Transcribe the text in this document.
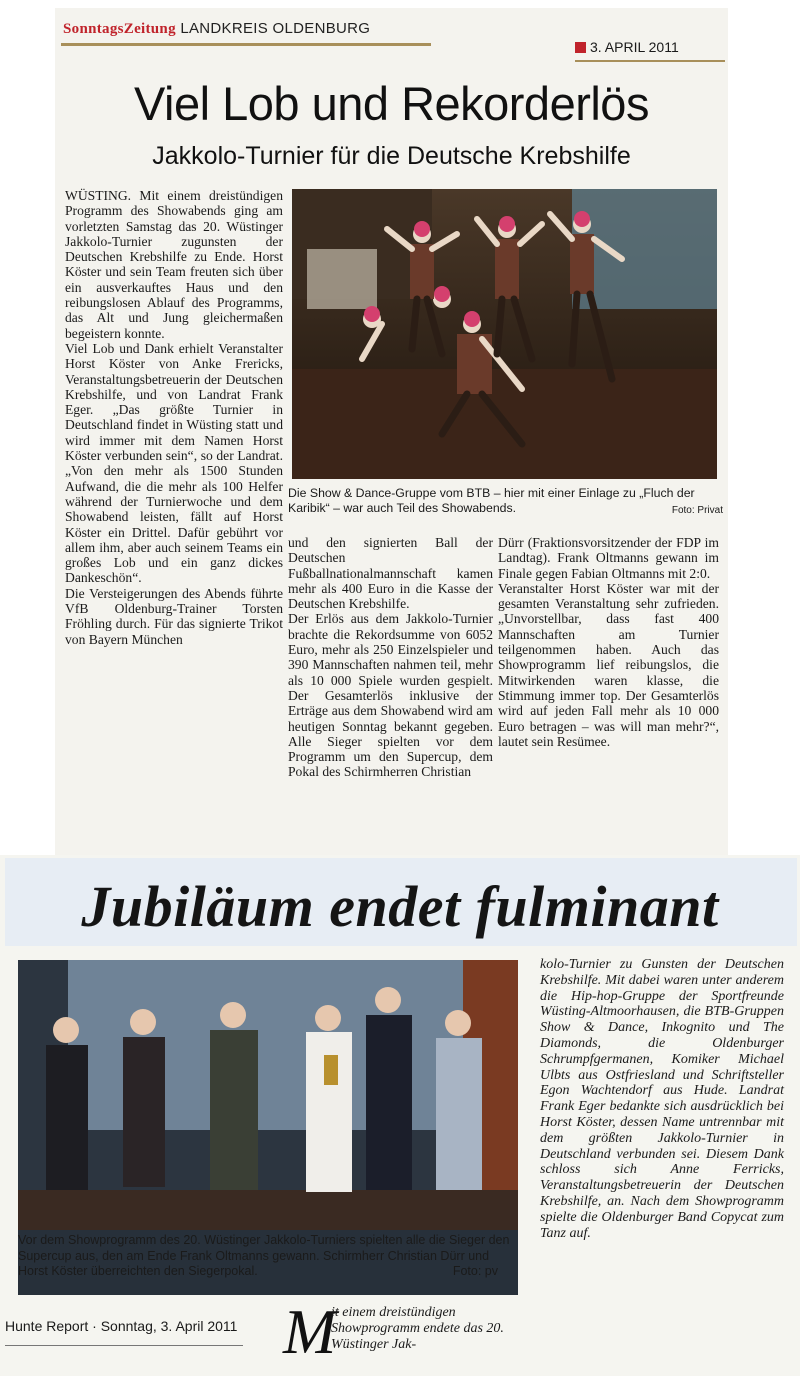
SonntagsZeitung LANDKREIS OLDENBURG
3. APRIL 2011
Viel Lob und Rekorderlös
Jakkolo-Turnier für die Deutsche Krebshilfe

WÜSTING. Mit einem dreistündigen Programm des Showabends ging am vorletzten Samstag das 20. Wüstinger Jakkolo-Turnier zugunsten der Deutschen Krebshilfe zu Ende. Horst Köster und sein Team freuten sich über ein ausverkauftes Haus und den reibungslosen Ablauf des Programms, das Alt und Jung gleichermaßen begeistern konnte.

Viel Lob und Dank erhielt Veranstalter Horst Köster von Anke Frericks, Veranstaltungsbetreuerin der Deutschen Krebshilfe, und von Landrat Frank Eger. „Das größte Turnier in Deutschland findet in Wüsting statt und wird immer mit dem Namen Horst Köster verbunden sein“, so der Landrat. „Von den mehr als 1500 Stunden Aufwand, die die mehr als 100 Helfer während der Turnierwoche und dem Showabend leisten, fällt auf Horst Köster ein Drittel. Dafür gebührt vor allem ihm, aber auch seinem Teams ein großes Lob und ein ganz dickes Dankeschön“.

Die Versteigerungen des Abends führte VfB Oldenburg-Trainer Torsten Fröhling durch. Für das signierte Trikot von Bayern München

Die Show & Dance-Gruppe vom BTB – hier mit einer Einlage zu „Fluch der Karibik“ – war auch Teil des Showabends.	Foto: Privat

und den signierten Ball der Deutschen Fußballnationalmannschaft kamen mehr als 400 Euro in die Kasse der Deutschen Krebshilfe.

Der Erlös aus dem Jakkolo-Turnier brachte die Rekordsumme von 6052 Euro, mehr als 250 Einzelspieler und 390 Mannschaften nahmen teil, mehr als 10 000 Spiele wurden gespielt. Der Gesamterlös inklusive der Erträge aus dem Showabend wird am heutigen Sonntag bekannt gegeben. Alle Sieger spielten vor dem Programm um den Supercup, dem Pokal des Schirmherren Christian

Dürr (Fraktionsvorsitzender der FDP im Landtag). Frank Oltmanns gewann im Finale gegen Fabian Oltmanns mit 2:0.

Veranstalter Horst Köster war mit der gesamten Veranstaltung sehr zufrieden. „Unvorstellbar, dass fast 400 Mannschaften am Turnier teilgenommen haben. Auch das Showprogramm lief reibungslos, die Mitwirkenden waren klasse, die Stimmung immer top. Der Gesamterlös wird auf jeden Fall mehr als 10 000 Euro betragen – was will man mehr?“, lautet sein Resümee.

Jubiläum endet fulminant
Vor dem Showprogramm des 20. Wüstinger Jakkolo-Turniers spielten alle die Sieger den Supercup aus, den am Ende Frank Oltmanns gewann. Schirmherr Christian Dürr und Horst Köster überreichten den Siegerpokal.	Foto: pv
kolo-Turnier zu Gunsten der Deutschen Krebshilfe. Mit dabei waren unter anderem die Hip-hop-Gruppe der Sportfreunde Wüsting-Altmoorhausen, die BTB-Gruppen Show & Dance, Inkognito und The Diamonds, die Oldenburger Schrumpfgermanen, Komiker Michael Ulbts aus Ostfriesland und Schriftsteller Egon Wachtendorf aus Hude. Landrat Frank Eger bedankte sich ausdrücklich bei Horst Köster, dessen Name untrennbar mit dem größten Jakkolo-Turnier in Deutschland verbunden sei. Diesem Dank schloss sich Anne Ferricks, Veranstaltungsbetreuerin der Deutschen Krebshilfe, an. Nach dem Showprogramm spielte die Oldenburger Band Copycat zum Tanz auf.
Hunte Report · Sonntag, 3. April 2011 M
it einem dreistündigen Showprogramm endete das 20. Wüstinger Jak-
